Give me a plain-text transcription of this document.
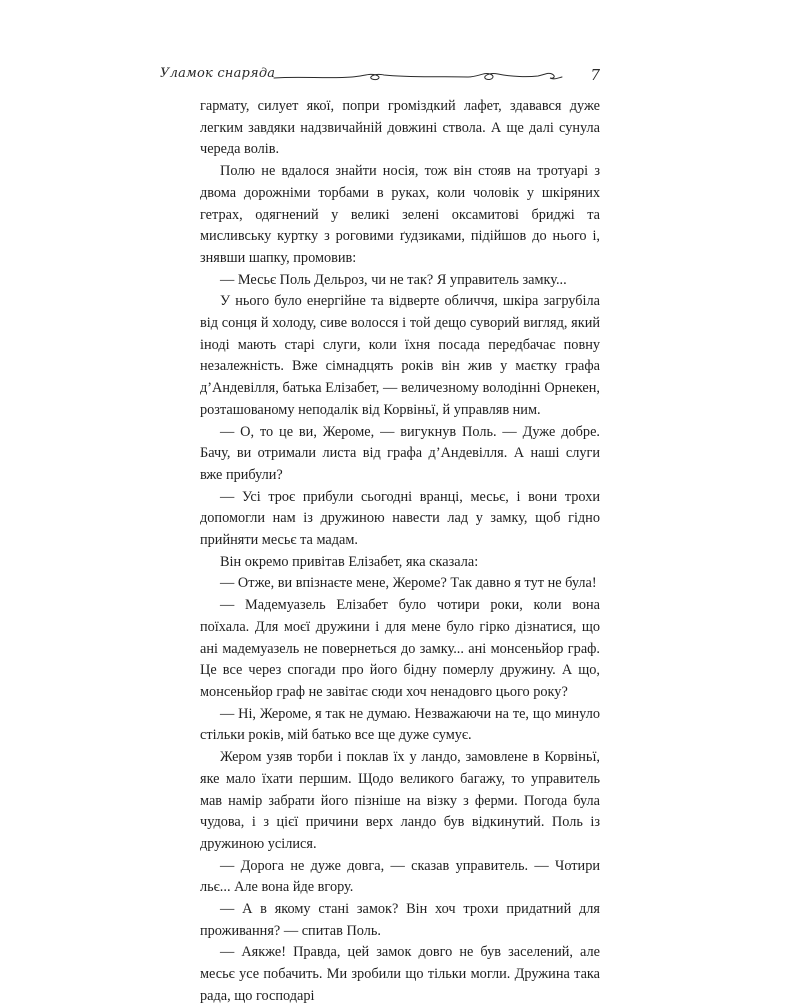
Уламок снаряда	7

гармату, силует якої, попри громіздкий лафет, здавався дуже легким завдяки надзвичайній довжині ствола. А ще далі сунула череда волів.

Полю не вдалося знайти носія, тож він стояв на тротуарі з двома дорожніми торбами в руках, коли чоловік у шкіряних гетрах, одягнений у великі зелені оксамитові бриджі та мисливську куртку з роговими ґудзиками, підійшов до нього і, знявши шапку, промовив:

— Месьє Поль Дельроз, чи не так? Я управитель замку...

У нього було енергійне та відверте обличчя, шкіра загрубіла від сонця й холоду, сиве волосся і той дещо суворий вигляд, який іноді мають старі слуги, коли їхня посада передбачає повну незалежність. Вже сімнадцять років він жив у маєтку графа д’Андевілля, батька Елізабет, — величезному володінні Орнекен, розташованому неподалік від Корвіньї, й управляв ним.

— О, то це ви, Жероме, — вигукнув Поль. — Дуже добре. Бачу, ви отримали листа від графа д’Андевілля. А наші слуги вже прибули?

— Усі троє прибули сьогодні вранці, месьє, і вони трохи допомогли нам із дружиною навести лад у замку, щоб гідно прийняти месьє та мадам.

Він окремо привітав Елізабет, яка сказала:

— Отже, ви впізнаєте мене, Жероме? Так давно я тут не була!

— Мадемуазель Елізабет було чотири роки, коли вона поїхала. Для моєї дружини і для мене було гірко дізнатися, що ані мадемуазель не повернеться до замку... ані монсеньйор граф. Це все через спогади про його бідну померлу дружину. А що, монсеньйор граф не завітає сюди хоч ненадовго цього року?

— Ні, Жероме, я так не думаю. Незважаючи на те, що минуло стільки років, мій батько все ще дуже сумує.

Жером узяв торби і поклав їх у ландо, замовлене в Корвіньї, яке мало їхати першим. Щодо великого багажу, то управитель мав намір забрати його пізніше на візку з ферми. Погода була чудова, і з цієї причини верх ландо був відкинутий. Поль із дружиною усілися.

— Дорога не дуже довга, — сказав управитель. — Чотири льє... Але вона йде вгору.

— А в якому стані замок? Він хоч трохи придатний для проживання? — спитав Поль.

— Аякже! Правда, цей замок довго не був заселений, але месьє усе побачить. Ми зробили що тільки могли. Дружина така рада, що господарі
